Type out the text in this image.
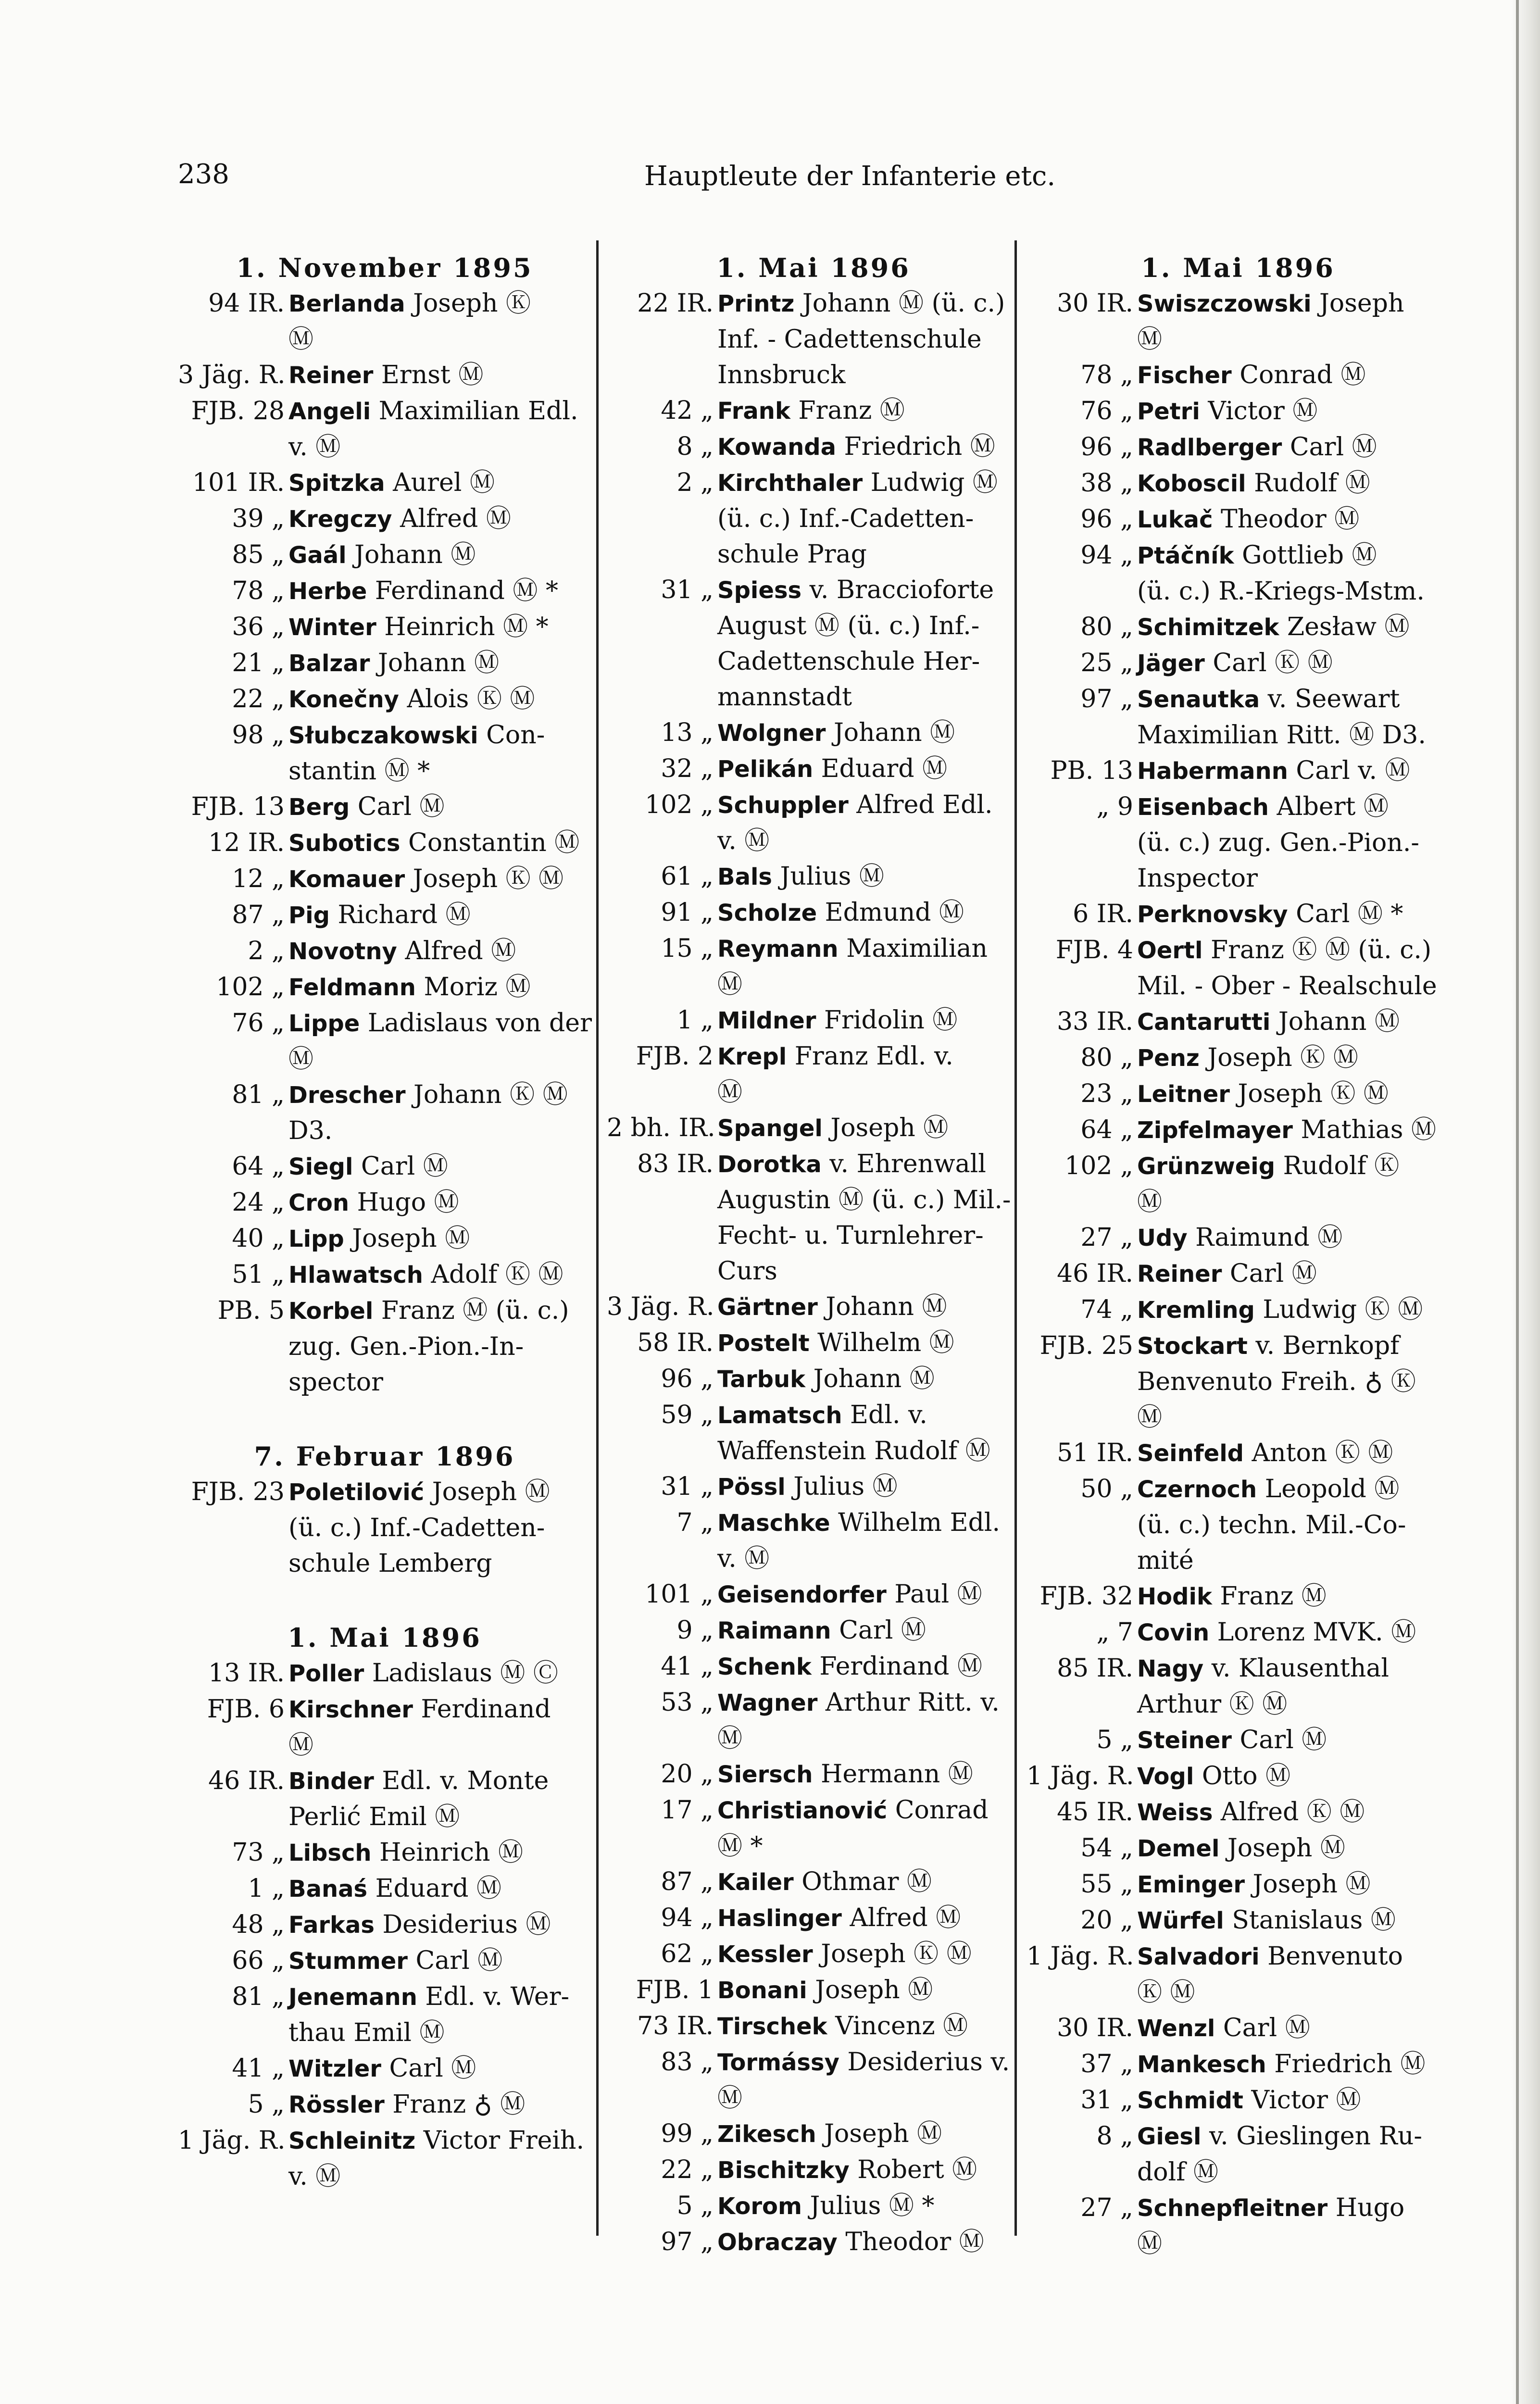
238	Hauptleute der Infanterie etc.
1. November 1895
94 IR. Berlanda Joseph Ⓚ
Ⓜ
3 Jäg. R. Reiner Ernst Ⓜ
FJB. 28 Angeli Maximilian Edl.
v. Ⓜ
101 IR. Spitzka Aurel Ⓜ
39 „ Kregczy Alfred Ⓜ
85 „ Gaál Johann Ⓜ
78 „ Herbe Ferdinand Ⓜ *
36 „ Winter Heinrich Ⓜ *
21 „ Balzar Johann Ⓜ
22 „ Konečny Alois Ⓚ Ⓜ
98 „ Słubczakowski Con-
stantin Ⓜ *
FJB. 13 Berg Carl Ⓜ
12 IR. Subotics Constantin Ⓜ
12 „ Komauer Joseph Ⓚ Ⓜ
87 „ Pig Richard Ⓜ
2 „ Novotny Alfred Ⓜ
102 „ Feldmann Moriz Ⓜ
76 „ Lippe Ladislaus von der
Ⓜ
81 „ Drescher Johann Ⓚ Ⓜ
D3.
64 „ Siegl Carl Ⓜ
24 „ Cron Hugo Ⓜ
40 „ Lipp Joseph Ⓜ
51 „ Hlawatsch Adolf Ⓚ Ⓜ
PB. 5 Korbel Franz Ⓜ (ü. c.)
zug. Gen.-Pion.-In-
spector
7. Februar 1896
FJB. 23 Poletilović Joseph Ⓜ
(ü. c.) Inf.-Cadetten-
schule Lemberg
1. Mai 1896
13 IR. Poller Ladislaus Ⓜ Ⓒ
FJB. 6 Kirschner Ferdinand
Ⓜ
46 IR. Binder Edl. v. Monte
Perlić Emil Ⓜ
73 „ Libsch Heinrich Ⓜ
1 „ Banaś Eduard Ⓜ
48 „ Farkas Desiderius Ⓜ
66 „ Stummer Carl Ⓜ
81 „ Jenemann Edl. v. Wer-
thau Emil Ⓜ
41 „ Witzler Carl Ⓜ
5 „ Rössler Franz ♁ Ⓜ
1 Jäg. R. Schleinitz Victor Freih.
v. Ⓜ
1. Mai 1896
22 IR. Printz Johann Ⓜ (ü. c.)
Inf. - Cadettenschule
Innsbruck
42 „ Frank Franz Ⓜ
8 „ Kowanda Friedrich Ⓜ
2 „ Kirchthaler Ludwig Ⓜ
(ü. c.) Inf.-Cadetten-
schule Prag
31 „ Spiess v. Braccioforte
August Ⓜ (ü. c.) Inf.-
Cadettenschule Her-
mannstadt
13 „ Wolgner Johann Ⓜ
32 „ Pelikán Eduard Ⓜ
102 „ Schuppler Alfred Edl.
v. Ⓜ
61 „ Bals Julius Ⓜ
91 „ Scholze Edmund Ⓜ
15 „ Reymann Maximilian
Ⓜ
1 „ Mildner Fridolin Ⓜ
FJB. 2 Krepl Franz Edl. v.
Ⓜ
2 bh. IR. Spangel Joseph Ⓜ
83 IR. Dorotka v. Ehrenwall
Augustin Ⓜ (ü. c.) Mil.-
Fecht- u. Turnlehrer-
Curs
3 Jäg. R. Gärtner Johann Ⓜ
58 IR. Postelt Wilhelm Ⓜ
96 „ Tarbuk Johann Ⓜ
59 „ Lamatsch Edl. v.
Waffenstein Rudolf Ⓜ
31 „ Pössl Julius Ⓜ
7 „ Maschke Wilhelm Edl.
v. Ⓜ
101 „ Geisendorfer Paul Ⓜ
9 „ Raimann Carl Ⓜ
41 „ Schenk Ferdinand Ⓜ
53 „ Wagner Arthur Ritt. v.
Ⓜ
20 „ Siersch Hermann Ⓜ
17 „ Christianović Conrad
Ⓜ *
87 „ Kailer Othmar Ⓜ
94 „ Haslinger Alfred Ⓜ
62 „ Kessler Joseph Ⓚ Ⓜ
FJB. 1 Bonani Joseph Ⓜ
73 IR. Tirschek Vincenz Ⓜ
83 „ Tormássy Desiderius v.
Ⓜ
99 „ Zikesch Joseph Ⓜ
22 „ Bischitzky Robert Ⓜ
5 „ Korom Julius Ⓜ *
97 „ Obraczay Theodor Ⓜ
1. Mai 1896
30 IR. Swiszczowski Joseph
Ⓜ
78 „ Fischer Conrad Ⓜ
76 „ Petri Victor Ⓜ
96 „ Radlberger Carl Ⓜ
38 „ Koboscil Rudolf Ⓜ
96 „ Lukač Theodor Ⓜ
94 „ Ptáčník Gottlieb Ⓜ
(ü. c.) R.-Kriegs-Mstm.
80 „ Schimitzek Zesław Ⓜ
25 „ Jäger Carl Ⓚ Ⓜ
97 „ Senautka v. Seewart
Maximilian Ritt. Ⓜ D3.
PB. 13 Habermann Carl v. Ⓜ
„ 9 Eisenbach Albert Ⓜ
(ü. c.) zug. Gen.-Pion.-
Inspector
6 IR. Perknovsky Carl Ⓜ *
FJB. 4 Oertl Franz Ⓚ Ⓜ (ü. c.)
Mil. - Ober - Realschule
33 IR. Cantarutti Johann Ⓜ
80 „ Penz Joseph Ⓚ Ⓜ
23 „ Leitner Joseph Ⓚ Ⓜ
64 „ Zipfelmayer Mathias Ⓜ
102 „ Grünzweig Rudolf Ⓚ
Ⓜ
27 „ Udy Raimund Ⓜ
46 IR. Reiner Carl Ⓜ
74 „ Kremling Ludwig Ⓚ Ⓜ
FJB. 25 Stockart v. Bernkopf
Benvenuto Freih. ♁ Ⓚ
Ⓜ
51 IR. Seinfeld Anton Ⓚ Ⓜ
50 „ Czernoch Leopold Ⓜ
(ü. c.) techn. Mil.-Co-
mité
FJB. 32 Hodik Franz Ⓜ
„ 7 Covin Lorenz MVK. Ⓜ
85 IR. Nagy v. Klausenthal
Arthur Ⓚ Ⓜ
5 „ Steiner Carl Ⓜ
1 Jäg. R. Vogl Otto Ⓜ
45 IR. Weiss Alfred Ⓚ Ⓜ
54 „ Demel Joseph Ⓜ
55 „ Eminger Joseph Ⓜ
20 „ Würfel Stanislaus Ⓜ
1 Jäg. R. Salvadori Benvenuto
Ⓚ Ⓜ
30 IR. Wenzl Carl Ⓜ
37 „ Mankesch Friedrich Ⓜ
31 „ Schmidt Victor Ⓜ
8 „ Giesl v. Gieslingen Ru-
dolf Ⓜ
27 „ Schnepfleitner Hugo
Ⓜ
